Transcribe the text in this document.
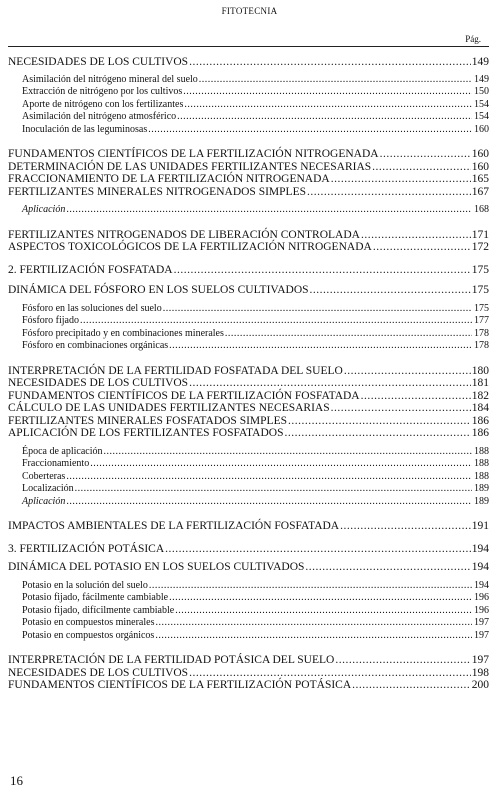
FITOTECNIA
Pág.
NECESIDADES DE LOS CULTIVOS .....	149
Asimilación del nitrógeno mineral del suelo .....	149
Extracción de nitrógeno por los cultivos .....	150
Aporte de nitrógeno con los fertilizantes .....	154
Asimilación del nitrógeno atmosférico .....	154
Inoculación de las leguminosas .....	160
FUNDAMENTOS CIENTÍFICOS DE LA FERTILIZACIÓN NITROGENADA .....	160
DETERMINACIÓN DE LAS UNIDADES FERTILIZANTES NECESARIAS .....	160
FRACCIONAMIENTO DE LA FERTILIZACIÓN NITROGENADA .....	165
FERTILIZANTES MINERALES NITROGENADOS SIMPLES .....	167
Aplicación .....	168
FERTILIZANTES NITROGENADOS DE LIBERACIÓN CONTROLADA .....	171
ASPECTOS TOXICOLÓGICOS DE LA FERTILIZACIÓN NITROGENADA .....	172
2. FERTILIZACIÓN FOSFATADA .....	175
DINÁMICA DEL FÓSFORO EN LOS SUELOS CULTIVADOS .....	175
Fósforo en las soluciones del suelo .....	175
Fósforo fijado .....	177
Fósforo precipitado y en combinaciones minerales .....	178
Fósforo en combinaciones orgánicas .....	178
INTERPRETACIÓN DE LA FERTILIDAD FOSFATADA DEL SUELO .....	180
NECESIDADES DE LOS CULTIVOS .....	181
FUNDAMENTOS CIENTÍFICOS DE LA FERTILIZACIÓN FOSFATADA .....	182
CÁLCULO DE LAS UNIDADES FERTILIZANTES NECESARIAS .....	184
FERTILIZANTES MINERALES FOSFATADOS SIMPLES .....	186
APLICACIÓN DE LOS FERTILIZANTES FOSFATADOS .....	186
Época de aplicación .....	188
Fraccionamiento .....	188
Coberteras .....	188
Localización .....	189
Aplicación .....	189
IMPACTOS AMBIENTALES DE LA FERTILIZACIÓN FOSFATADA .....	191
3. FERTILIZACIÓN POTÁSICA .....	194
DINÁMICA DEL POTASIO EN LOS SUELOS CULTIVADOS .....	194
Potasio en la solución del suelo .....	194
Potasio fijado, fácilmente cambiable .....	196
Potasio fijado, difícilmente cambiable .....	196
Potasio en compuestos minerales .....	197
Potasio en compuestos orgánicos .....	197
INTERPRETACIÓN DE LA FERTILIDAD POTÁSICA DEL SUELO .....	197
NECESIDADES DE LOS CULTIVOS .....	198
FUNDAMENTOS CIENTÍFICOS DE LA FERTILIZACIÓN POTÁSICA .....	200
16
